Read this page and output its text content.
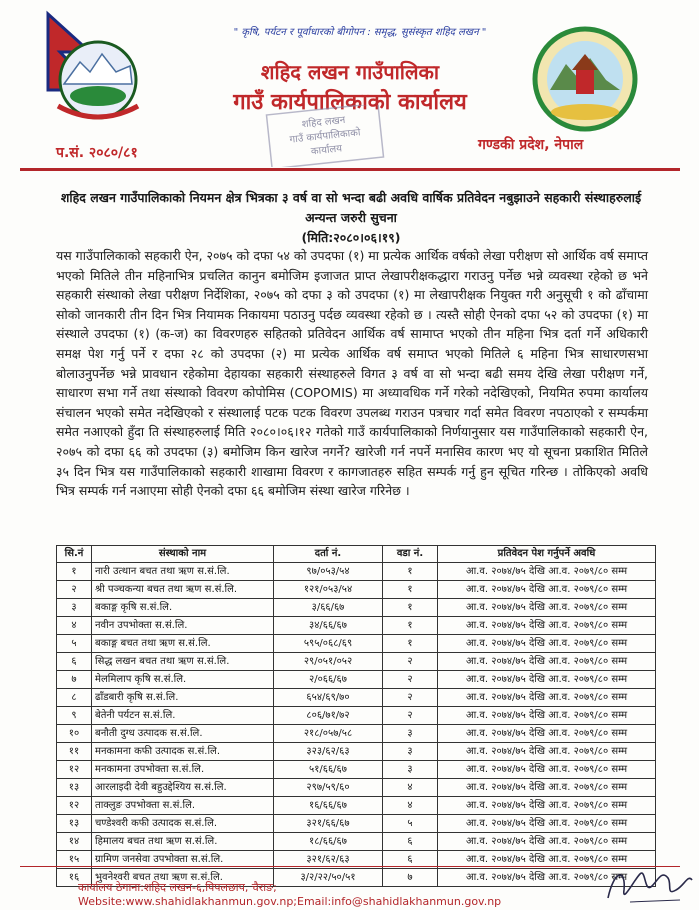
" कृषि, पर्यटन र पूर्वाधारको बीगोपन : समृद्ध, सुसंस्कृत शहिद लखन "
शहिद लखन गाउँपालिका
गाउँ कार्यपालिकाको कार्यालय
प.सं. २०८०/८१	गण्डकी प्रदेश, नेपाल
शहिद लखन
गाउँ कार्यपालिकाको
कार्यालय
शहिद लखन गाउँपालिकाको नियमन क्षेत्र भित्रका ३ वर्ष वा सो भन्दा बढी अवधि वार्षिक प्रतिवेदन नबुझाउने सहकारी संस्थाहरुलाई अन्यन्त जरुरी सुचना
(मिति:२०८०।०६।१९)
यस गाउँपालिकाको सहकारी ऐन, २०७५ को दफा ५४ को उपदफा (१) मा प्रत्येक आर्थिक वर्षको लेखा परीक्षण सो आर्थिक वर्ष समाप्त भएको मितिले तीन महिनाभित्र प्रचलित कानुन बमोजिम इजाजत प्राप्त लेखापरीक्षकद्धारा गराउनु पर्नेछ भन्ने व्यवस्था रहेको छ भने सहकारी संस्थाको लेखा परीक्षण निर्देशिका, २०७५ को दफा ३ को उपदफा (१) मा लेखापरीक्षक नियुक्त गरी अनुसूची १ को ढाँचामा सोको जानकारी तीन दिन भित्र नियामक निकायमा पठाउनु पर्दछ व्यवस्था रहेको छ । त्यस्तै सोही ऐनको दफा ५२ को उपदफा (१) मा संस्थाले उपदफा (१) (क-ज) का विवरणहरु सहितको प्रतिवेदन आर्थिक वर्ष सामाप्त भएको तीन महिना भित्र दर्ता गर्ने अधिकारी समक्ष पेश गर्नु पर्ने र दफा २८ को उपदफा (२) मा प्रत्येक आर्थिक वर्ष समाप्त भएको मितिले ६ महिना भित्र साधारणसभा बोलाउनुपर्नेछ भन्ने प्रावधान रहेकोमा देहायका सहकारी संस्थाहरुले विगत ३ वर्ष वा सो भन्दा बढी समय देखि लेखा परीक्षण गर्ने, साधारण सभा गर्ने तथा संस्थाको विवरण कोपोमिस (COPOMIS) मा अध्यावधिक गर्ने गरेको नदेखिएको, नियमित रुपमा कार्यालय संचालन भएको समेत नदेखिएको र संस्थालाई पटक पटक विवरण उपलब्ध गराउन पत्रचार गर्दा समेत विवरण नपठाएको र सम्पर्कमा समेत नआएको हुँदा ति संस्थाहरुलाई मिति २०८०।०६।१२ गतेको गाउँ कार्यपालिकाको निर्णयानुसार यस गाउँपालिकाको सहकारी ऐन, २०७५ को दफा ६६ को उपदफा (३) बमोजिम किन खारेज नगर्ने? खारेजी गर्न नपर्ने मनासिव कारण भए यो सूचना प्रकाशित मितिले ३५ दिन भित्र यस गाउँपालिकाको सहकारी शाखामा विवरण र कागजातहरु सहित सम्पर्क गर्नु हुन सूचित गरिन्छ । तोकिएको अवधि भित्र सम्पर्क गर्न नआएमा सोही ऐनको दफा ६६ बमोजिम संस्था खारेज गरिनेछ ।
सि.नं	संस्थाको नाम	दर्ता नं.	वडा नं.	प्रतिवेदन पेश गर्नुपर्ने अवधि
१	नारी उत्थान बचत तथा ऋण स.सं.लि.	९७/०५३/५४	१	आ.व. २०७४/७५ देखि आ.व. २०७९/८० सम्म
२	श्री पञ्चकन्या बचत तथा ऋण स.सं.लि.	१२१/०५३/५४	१	आ.व. २०७४/७५ देखि आ.व. २०७९/८० सम्म
३	बकाङ्ग कृषि स.सं.लि.	३/६६/६७	१	आ.व. २०७४/७५ देखि आ.व. २०७९/८० सम्म
४	नवीन उपभोक्ता स.सं.लि.	३४/६६/६७	१	आ.व. २०७४/७५ देखि आ.व. २०७९/८० सम्म
५	बकाङ्ग बचत तथा ऋण स.सं.लि.	५९५/०६८/६९	१	आ.व. २०७४/७५ देखि आ.व. २०७९/८० सम्म
६	सिद्ध लखन बचत तथा ऋण स.सं.लि.	२९/०५१/०५२	२	आ.व. २०७४/७५ देखि आ.व. २०७९/८० सम्म
७	मेलमिलाप कृषि स.सं.लि.	२/०६६/६७	२	आ.व. २०७४/७५ देखि आ.व. २०७९/८० सम्म
८	ढाँडबारी कृषि स.सं.लि.	६५४/६९/७०	२	आ.व. २०७४/७५ देखि आ.व. २०७९/८० सम्म
९	बेतेनी पर्यटन स.सं.लि.	८०६/७१/७२	२	आ.व. २०७४/७५ देखि आ.व. २०७९/८० सम्म
१०	बनौती दुग्ध उत्पादक स.सं.लि.	२१८/०५७/५८	३	आ.व. २०७४/७५ देखि आ.व. २०७९/८० सम्म
११	मनकामना कफी उत्पादक स.सं.लि.	३२३/६२/६३	३	आ.व. २०७४/७५ देखि आ.व. २०७९/८० सम्म
१२	मनकामना उपभोक्ता स.सं.लि.	५१/६६/६७	३	आ.व. २०७४/७५ देखि आ.व. २०७९/८० सम्म
१३	आरलाइदी देवी बहुउद्देश्यिय स.सं.लि.	२९७/५९/६०	४	आ.व. २०७४/७५ देखि आ.व. २०७९/८० सम्म
१२	ताक्लुङ उपभोक्ता स.सं.लि.	१६/६६/६७	४	आ.व. २०७४/७५ देखि आ.व. २०७९/८० सम्म
१३	चण्डेश्वरी कफी उत्पादक स.सं.लि.	३२१/६६/६७	५	आ.व. २०७४/७५ देखि आ.व. २०७९/८० सम्म
१४	हिमालय बचत तथा ऋण स.सं.लि.	१८/६६/६७	६	आ.व. २०७४/७५ देखि आ.व. २०७९/८० सम्म
१५	ग्रामिण जनसेवा उपभोक्ता स.सं.लि.	३२१/६२/६३	६	आ.व. २०७४/७५ देखि आ.व. २०७९/८० सम्म
१६	भुवनेश्वरी बचत तथा ऋण स.सं.लि.	३/२/२२/५०/५१	७	आ.व. २०७४/७५ देखि आ.व. २०७९/८० सम्म
कार्यालय ठेगाना:शहिद लखन-६,पिपलछाप, चैराङ; Website:www.shahidlakhanmun.gov.np;Email:info@shahidlakhanmun.gov.np
